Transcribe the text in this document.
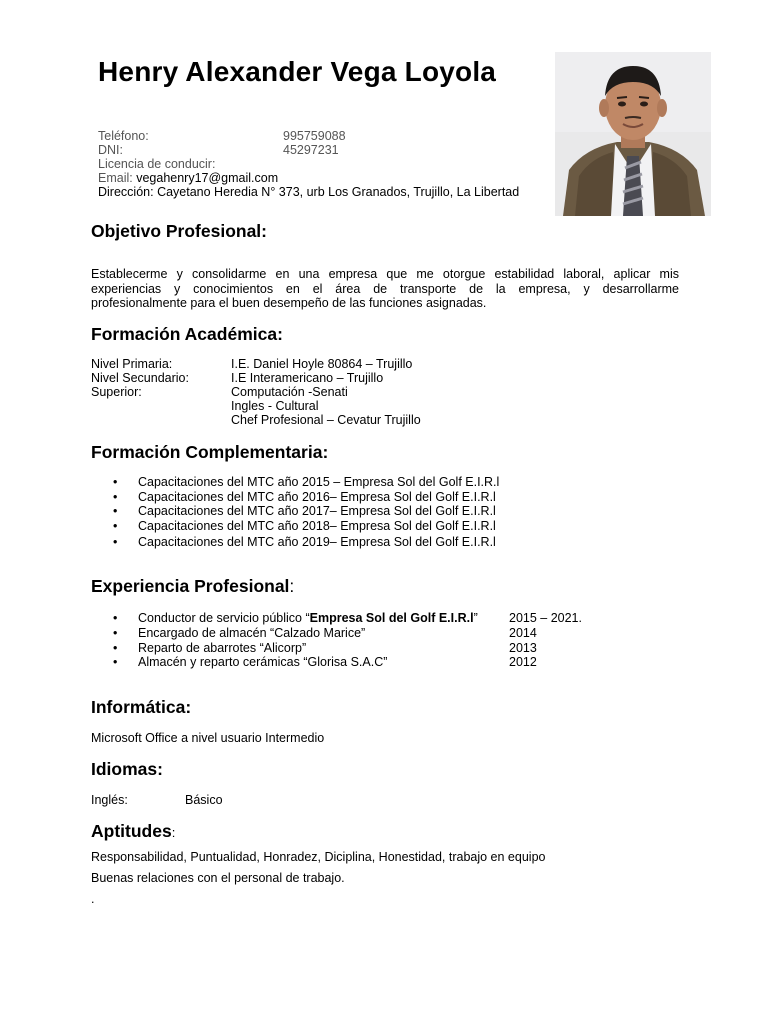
Henry Alexander Vega Loyola
Teléfono:	995759088
DNI:	45297231
Licencia de conducir:
Email: vegahenry17@gmail.com
Dirección: Cayetano Heredia N° 373, urb Los Granados, Trujillo, La Libertad
Objetivo Profesional:
Establecerme y consolidarme en una empresa que me otorgue estabilidad laboral, aplicar mis
experiencias y conocimientos en el área de transporte de la empresa, y desarrollarme
profesionalmente para el buen desempeño de las funciones asignadas.
Formación Académica:
Nivel Primaria:	I.E. Daniel Hoyle 80864 – Trujillo
Nivel Secundario:	I.E Interamericano – Trujillo
Superior:	Computación -Senati
Ingles - Cultural
Chef Profesional – Cevatur Trujillo
Formación Complementaria:
• Capacitaciones del MTC año 2015 – Empresa Sol del Golf E.I.R.l
• Capacitaciones del MTC año 2016– Empresa Sol del Golf E.I.R.l
• Capacitaciones del MTC año 2017– Empresa Sol del Golf E.I.R.l
• Capacitaciones del MTC año 2018– Empresa Sol del Golf E.I.R.l
• Capacitaciones del MTC año 2019– Empresa Sol del Golf E.I.R.l
Experiencia Profesional:
• Conductor de servicio público “Empresa Sol del Golf E.I.R.l”	2015 – 2021.
• Encargado de almacén “Calzado Marice”	2014
• Reparto de abarrotes “Alicorp”	2013
• Almacén y reparto cerámicas “Glorisa S.A.C”	2012
Informática:
Microsoft Office a nivel usuario Intermedio
Idiomas:
Inglés:	Básico
Aptitudes:
Responsabilidad, Puntualidad, Honradez, Diciplina, Honestidad, trabajo en equipo
Buenas relaciones con el personal de trabajo.
.
